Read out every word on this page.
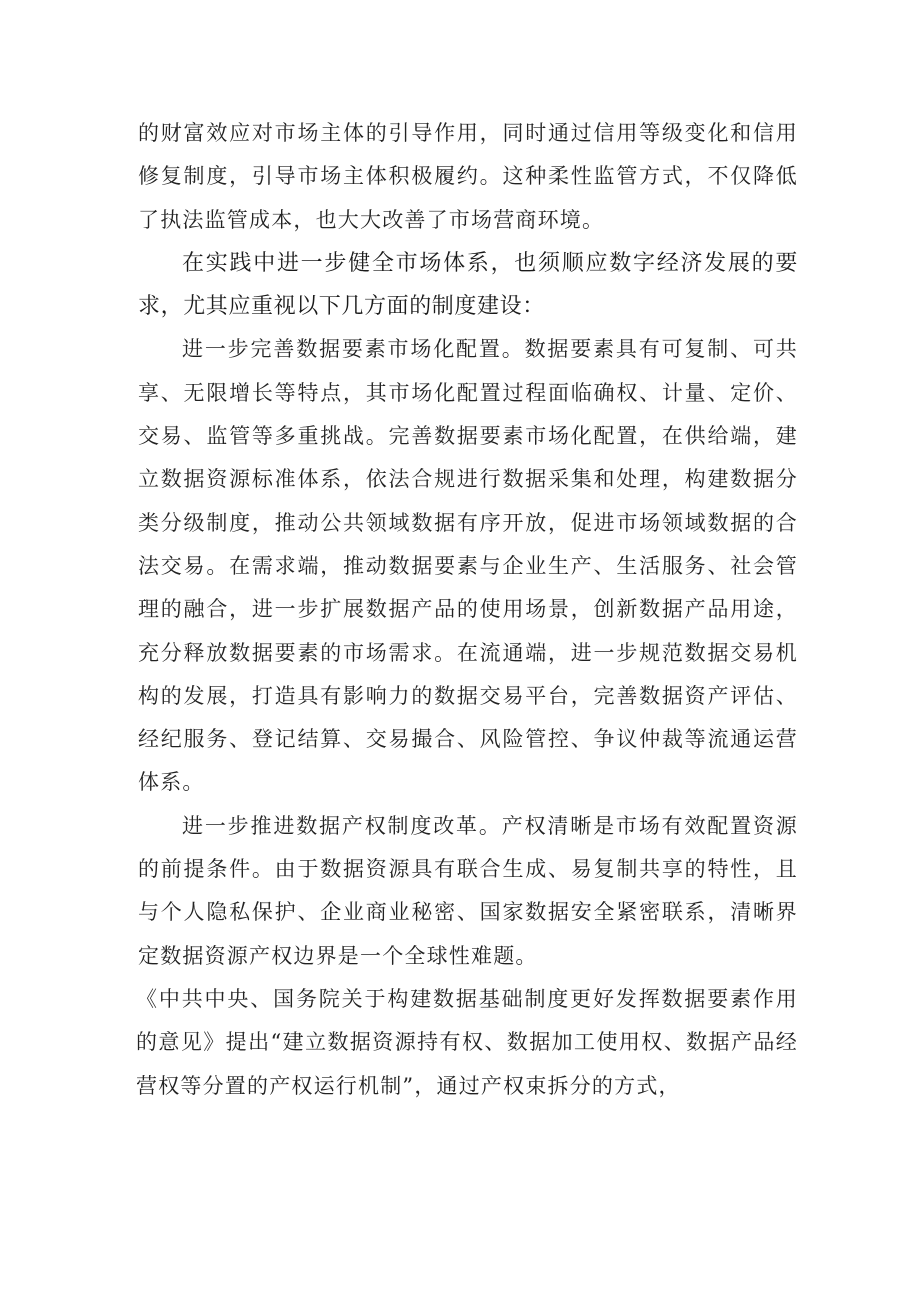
的财富效应对市场主体的引导作用，同时通过信用等级变化和信用修复制度，引导市场主体积极履约。这种柔性监管方式，不仅降低了执法监管成本，也大大改善了市场营商环境。

在实践中进一步健全市场体系，也须顺应数字经济发展的要求，尤其应重视以下几方面的制度建设：

进一步完善数据要素市场化配置。数据要素具有可复制、可共享、无限增长等特点，其市场化配置过程面临确权、计量、定价、交易、监管等多重挑战。完善数据要素市场化配置，在供给端，建立数据资源标准体系，依法合规进行数据采集和处理，构建数据分类分级制度，推动公共领域数据有序开放，促进市场领域数据的合法交易。在需求端，推动数据要素与企业生产、生活服务、社会管理的融合，进一步扩展数据产品的使用场景，创新数据产品用途，充分释放数据要素的市场需求。在流通端，进一步规范数据交易机构的发展，打造具有影响力的数据交易平台，完善数据资产评估、经纪服务、登记结算、交易撮合、风险管控、争议仲裁等流通运营体系。

进一步推进数据产权制度改革。产权清晰是市场有效配置资源的前提条件。由于数据资源具有联合生成、易复制共享的特性，且与个人隐私保护、企业商业秘密、国家数据安全紧密联系，清晰界定数据资源产权边界是一个全球性难题。

《中共中央、国务院关于构建数据基础制度更好发挥数据要素作用的意见》提出“建立数据资源持有权、数据加工使用权、数据产品经营权等分置的产权运行机制”，通过产权束拆分的方式，
